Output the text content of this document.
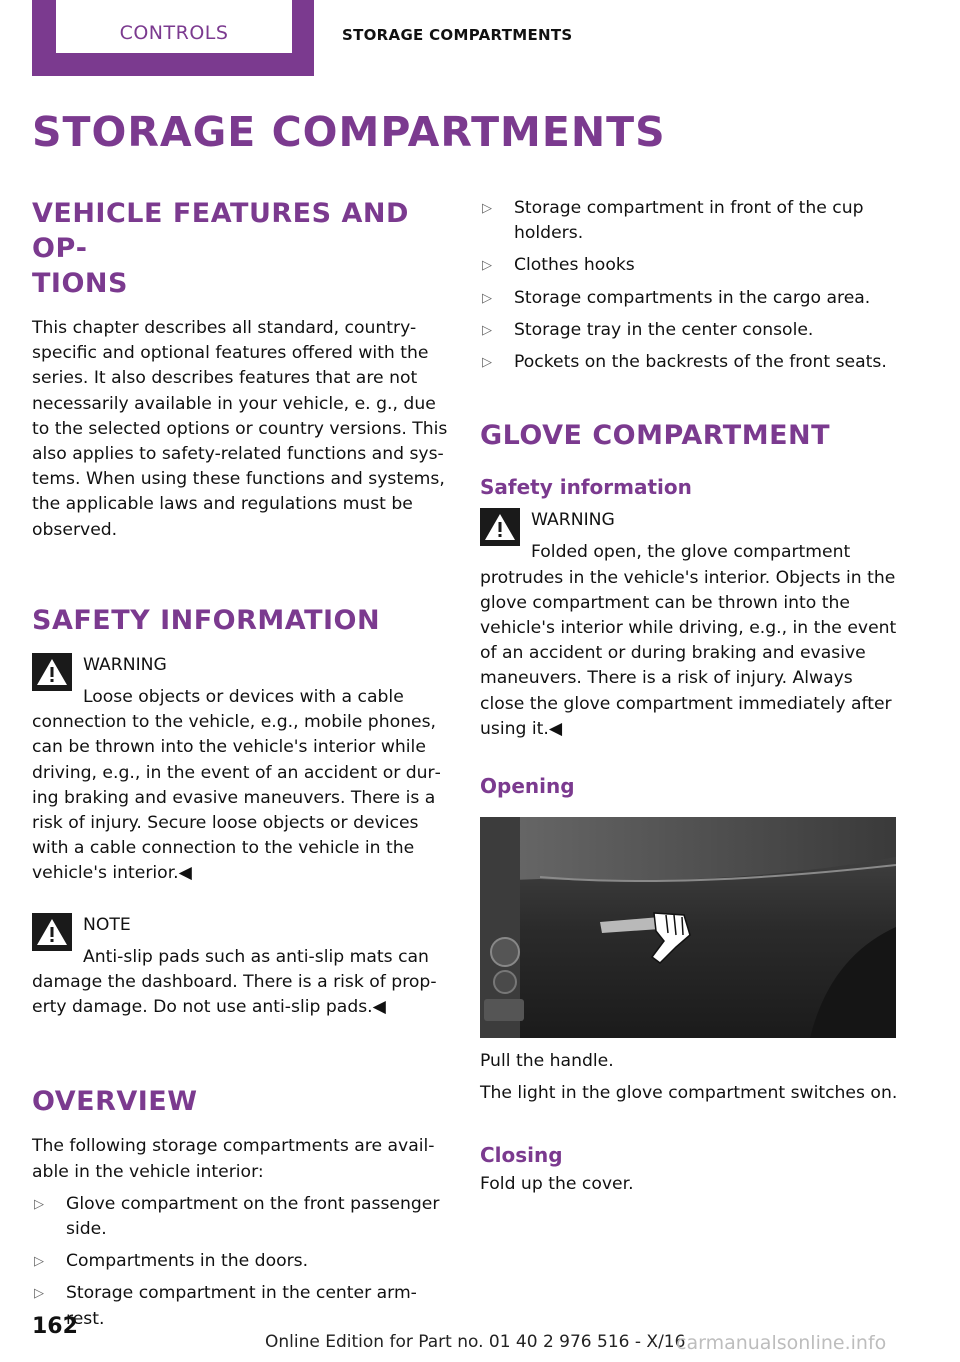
CONTROLS	STORAGE COMPARTMENTS
STORAGE COMPARTMENTS
VEHICLE FEATURES AND OP‐
TIONS

This chapter describes all standard, country-specific and optional features offered with the series. It also describes features that are not necessarily available in your vehicle, e. g., due to the selected options or country versions. This also applies to safety-related functions and sys‐tems. When using these functions and systems, the applicable laws and regulations must be observed.

SAFETY INFORMATION
WARNING

Loose objects or devices with a cable
connection to the vehicle, e.g., mobile phones, can be thrown into the vehicle's interior while driving, e.g., in the event of an accident or dur‐ing braking and evasive maneuvers. There is a risk of injury. Secure loose objects or devices with a cable connection to the vehicle in the vehicle's interior.◀

NOTE

Anti-slip pads such as anti-slip mats can
damage the dashboard. There is a risk of prop‐erty damage. Do not use anti-slip pads.◀

OVERVIEW

The following storage compartments are avail‐able in the vehicle interior:

▷ Glove compartment on the front passenger side.
▷ Compartments in the doors.
▷ Storage compartment in the center arm‐rest.
▷ Storage compartment in front of the cup holders.
▷ Clothes hooks
▷ Storage compartments in the cargo area.
▷ Storage tray in the center console.
▷ Pockets on the backrests of the front seats.
GLOVE COMPARTMENT
Safety information
WARNING

Folded open, the glove compartment
protrudes in the vehicle's interior. Objects in the glove compartment can be thrown into the vehicle's interior while driving, e.g., in the event of an accident or during braking and evasive maneuvers. There is a risk of injury. Always close the glove compartment immediately after using it.◀

Opening

Pull the handle.

The light in the glove compartment switches on.

Closing

Fold up the cover.

162
Online Edition for Part no. 01 40 2 976 516 - X/16
carmanualsonline.info
